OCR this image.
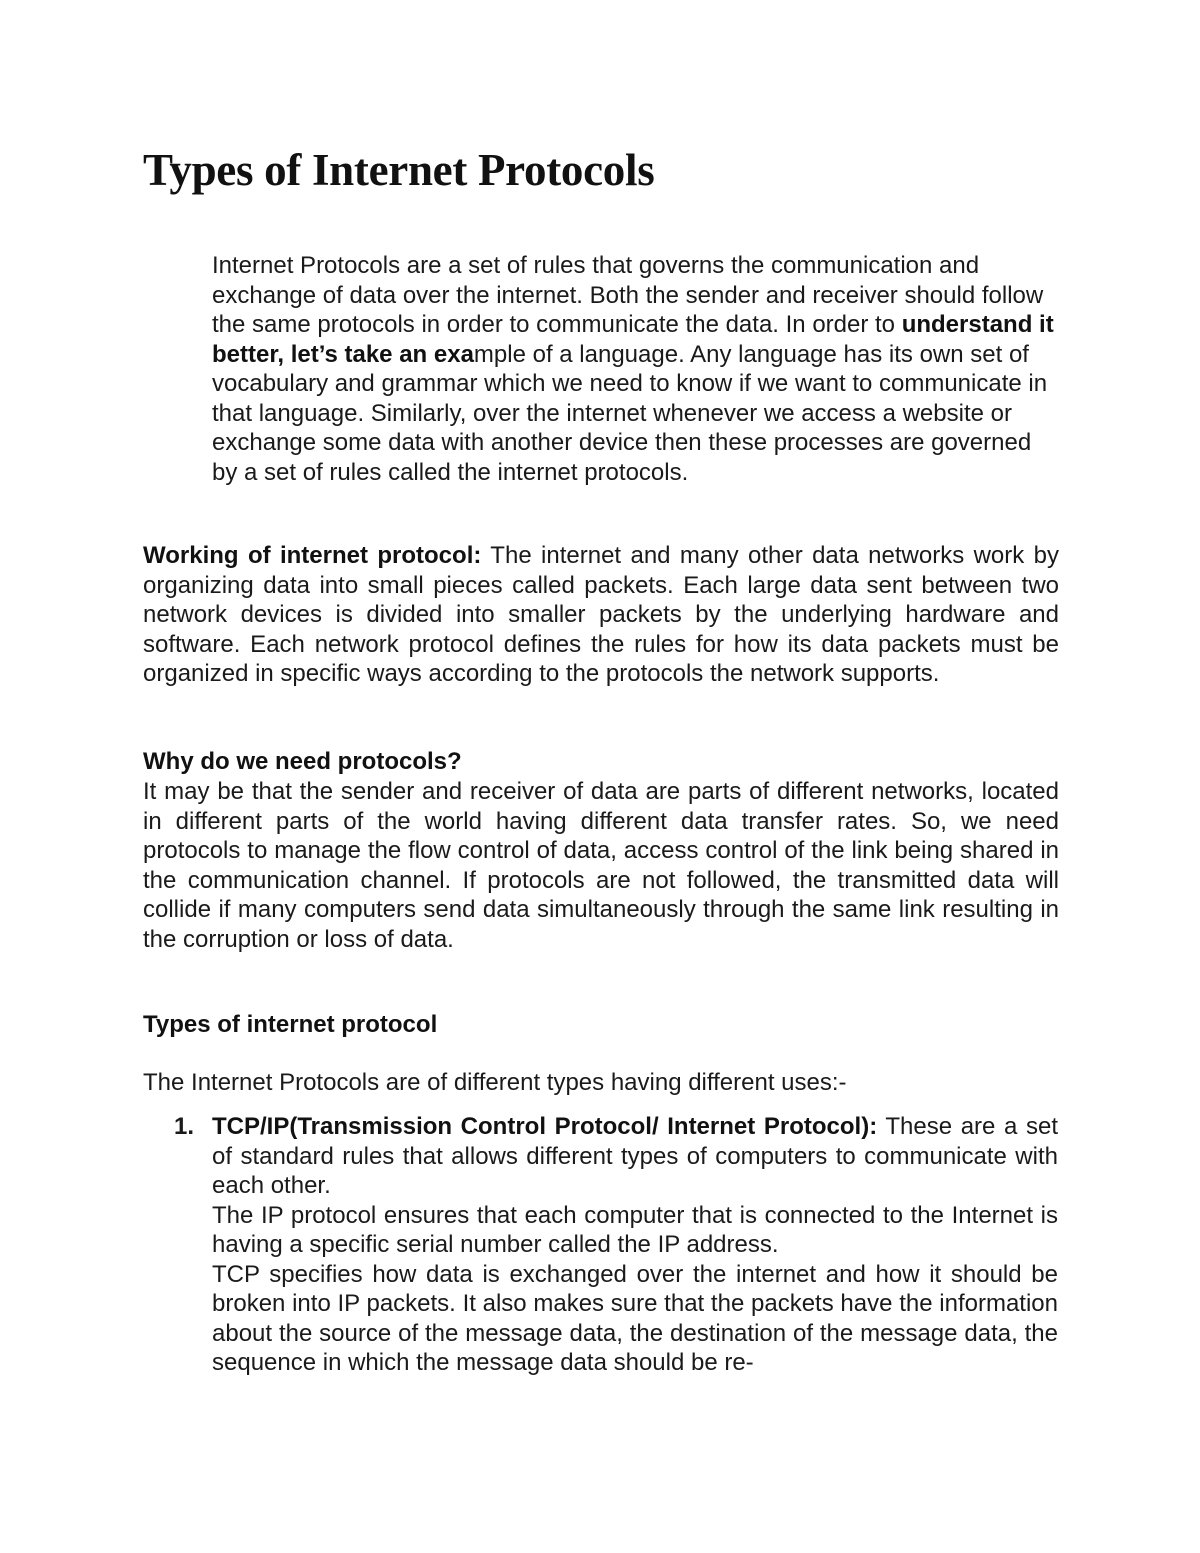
Types of Internet Protocols

Internet Protocols are a set of rules that governs the communication and exchange of data over the internet. Both the sender and receiver should follow the same protocols in order to communicate the data. In order to understand it better, let’s take an example of a language. Any language has its own set of vocabulary and grammar which we need to know if we want to communicate in that language. Similarly, over the internet whenever we access a website or exchange some data with another device then these processes are governed by a set of rules called the internet protocols.

Working of internet protocol: The internet and many other data networks work by organizing data into small pieces called packets. Each large data sent between two network devices is divided into smaller packets by the underlying hardware and software. Each network protocol defines the rules for how its data packets must be organized in specific ways according to the protocols the network supports.

Why do we need protocols?

It may be that the sender and receiver of data are parts of different networks, located in different parts of the world having different data transfer rates. So, we need protocols to manage the flow control of data, access control of the link being shared in the communication channel. If protocols are not followed, the transmitted data will collide if many computers send data simultaneously through the same link resulting in the corruption or loss of data.

Types of internet protocol

The Internet Protocols are of different types having different uses:-

1. TCP/IP(Transmission Control Protocol/ Internet Protocol): These are a set of standard rules that allows different types of computers to communicate with each other.

The IP protocol ensures that each computer that is connected to the Internet is having a specific serial number called the IP address.

TCP specifies how data is exchanged over the internet and how it should be broken into IP packets. It also makes sure that the packets have the information about the source of the message data, the destination of the message data, the sequence in which the message data should be re-
